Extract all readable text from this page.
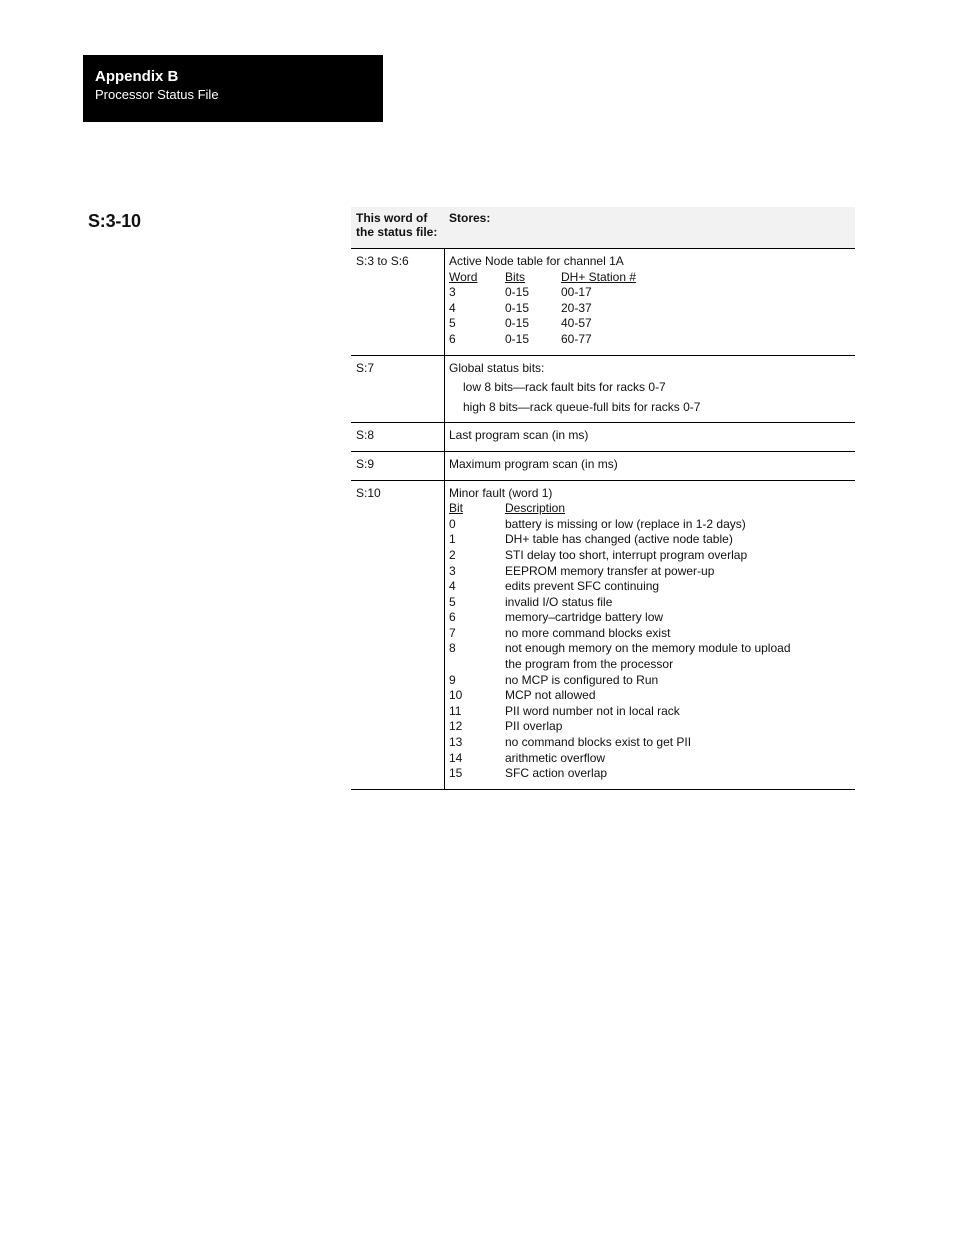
Appendix B
Processor Status File
S:3-10	This word of
the status file:
Stores:
S:3 to S:6	Active Node table for channel 1A
Word	Bits	DH+ Station #
3	0-15	00-17
4	0-15	20-37
5	0-15	40-57
6	0-15	60-77
S:7	Global status bits:
low 8 bits—rack fault bits for racks 0-7
high 8 bits—rack queue-full bits for racks 0-7
S:8	Last program scan (in ms)
S:9	Maximum program scan (in ms)
S:10	Minor fault (word 1)
Bit	Description
0	battery is missing or low (replace in 1-2 days)
1	DH+ table has changed (active node table)
2	STI delay too short, interrupt program overlap
3	EEPROM memory transfer at power-up
4	edits prevent SFC continuing
5	invalid I/O status file
6	memory–cartridge battery low
7	no more command blocks exist
8	not enough memory on the memory module to upload the program from the processor
9	no MCP is configured to Run
10	MCP not allowed
11	PII word number not in local rack
12	PII overlap
13	no command blocks exist to get PII
14	arithmetic overflow
15	SFC action overlap
